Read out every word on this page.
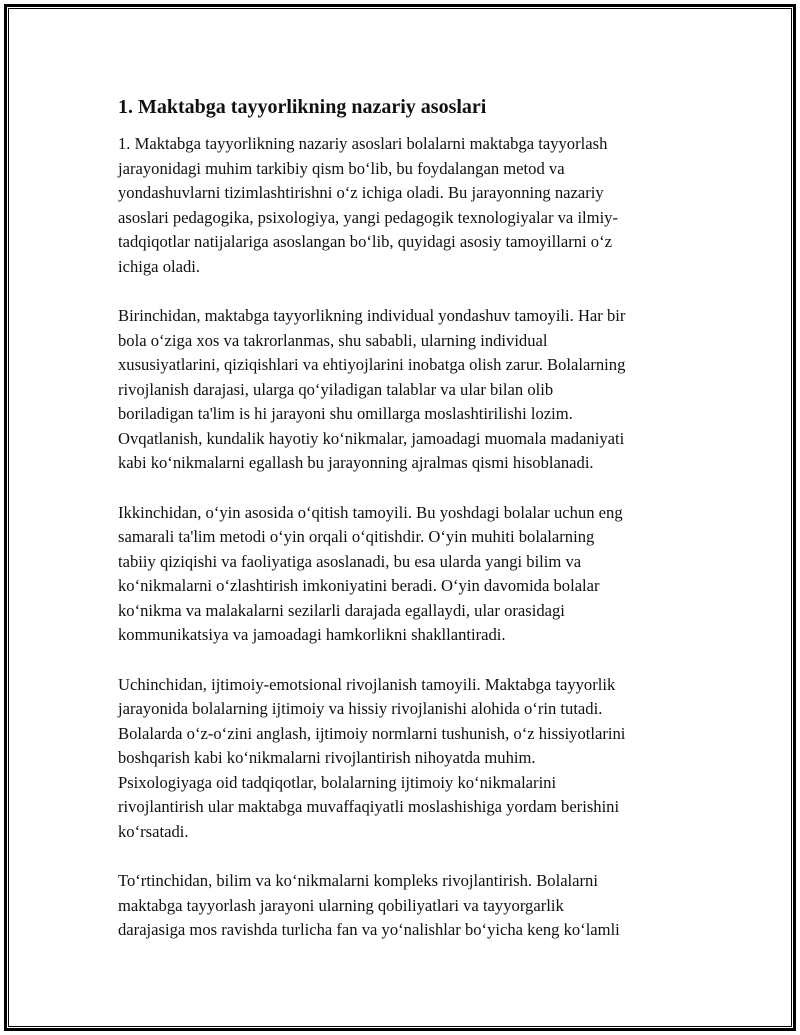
1. Maktabga tayyorlikning nazariy asoslari

1. Maktabga tayyorlikning nazariy asoslari bolalarni maktabga tayyorlash
jarayonidagi muhim tarkibiy qism bo‘lib, bu foydalangan metod va
yondashuvlarni tizimlashtirishni o‘z ichiga oladi. Bu jarayonning nazariy
asoslari pedagogika, psixologiya, yangi pedagogik texnologiyalar va ilmiy-
tadqiqotlar natijalariga asoslangan bo‘lib, quyidagi asosiy tamoyillarni o‘z
ichiga oladi.

Birinchidan, maktabga tayyorlikning individual yondashuv tamoyili. Har bir
bola o‘ziga xos va takrorlanmas, shu sababli, ularning individual
xususiyatlarini, qiziqishlari va ehtiyojlarini inobatga olish zarur. Bolalarning
rivojlanish darajasi, ularga qo‘yiladigan talablar va ular bilan olib
boriladigan ta'lim is hi jarayoni shu omillarga moslashtirilishi lozim.
Ovqatlanish, kundalik hayotiy ko‘nikmalar, jamoadagi muomala madaniyati
kabi ko‘nikmalarni egallash bu jarayonning ajralmas qismi hisoblanadi.

Ikkinchidan, o‘yin asosida o‘qitish tamoyili. Bu yoshdagi bolalar uchun eng
samarali ta'lim metodi o‘yin orqali o‘qitishdir. O‘yin muhiti bolalarning
tabiiy qiziqishi va faoliyatiga asoslanadi, bu esa ularda yangi bilim va
ko‘nikmalarni o‘zlashtirish imkoniyatini beradi. O‘yin davomida bolalar
ko‘nikma va malakalarni sezilarli darajada egallaydi, ular orasidagi
kommunikatsiya va jamoadagi hamkorlikni shakllantiradi.

Uchinchidan, ijtimoiy-emotsional rivojlanish tamoyili. Maktabga tayyorlik
jarayonida bolalarning ijtimoiy va hissiy rivojlanishi alohida o‘rin tutadi.
Bolalarda o‘z-o‘zini anglash, ijtimoiy normlarni tushunish, o‘z hissiyotlarini
boshqarish kabi ko‘nikmalarni rivojlantirish nihoyatda muhim.
Psixologiyaga oid tadqiqotlar, bolalarning ijtimoiy ko‘nikmalarini
rivojlantirish ular maktabga muvaffaqiyatli moslashishiga yordam berishini
ko‘rsatadi.

To‘rtinchidan, bilim va ko‘nikmalarni kompleks rivojlantirish. Bolalarni
maktabga tayyorlash jarayoni ularning qobiliyatlari va tayyorgarlik
darajasiga mos ravishda turlicha fan va yo‘nalishlar bo‘yicha keng ko‘lamli
